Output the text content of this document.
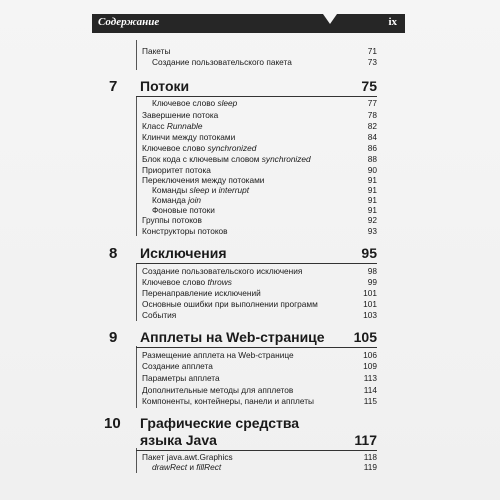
Содержание	ix
Пакеты	71
Создание пользовательского пакета	73
7 Потоки	75
Ключевое слово sleep	77
Завершение потока	78
Класс Runnable	82
Клинчи между потоками	84
Ключевое слово synchronized	86
Блок кода с ключевым словом synchronized	88
Приоритет потока	90
Переключения между потоками	91
Команды sleep и interrupt	91
Команда join	91
Фоновые потоки	91
Группы потоков	92
Конструкторы потоков	93
8 Исключения	95
Создание пользовательского исключения	98
Ключевое слово throws	99
Перенаправление исключений	101
Основные ошибки при выполнении программ	101
События	103
9 Апплеты на Web-странице 105
Размещение апплета на Web-странице	106
Создание апплета	109
Параметры апплета	113
Дополнительные методы для апплетов	114
Компоненты, контейнеры, панели и апплеты	115
10 Графические средства
языка Java	117
Пакет java.awt.Graphics	118
drawRect и fillRect	119
